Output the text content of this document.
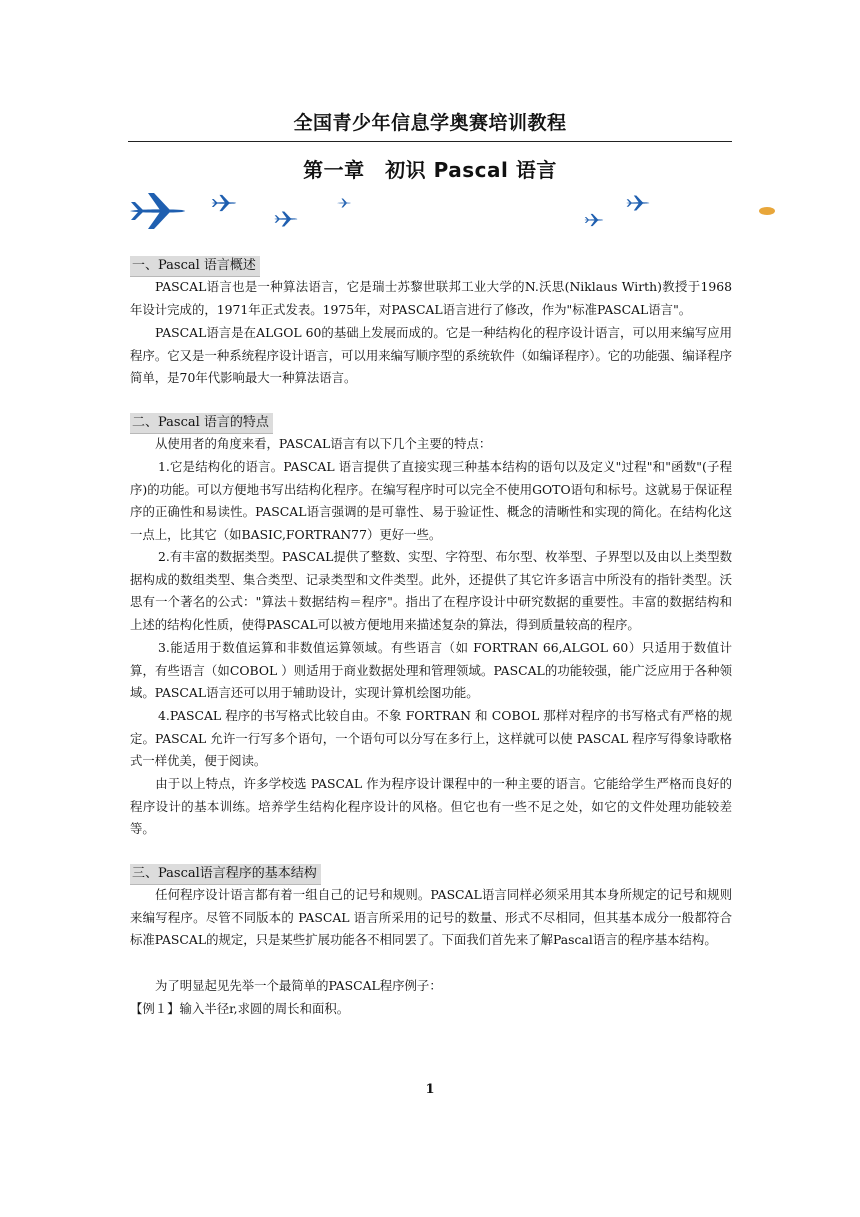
全国青少年信息学奥赛培训教程
第一章　初识 Pascal 语言
一、Pascal 语言概述
PASCAL语言也是一种算法语言，它是瑞士苏黎世联邦工业大学的N.沃思(Niklaus Wirth)教授于1968年设计完成的，1971年正式发表。1975年，对PASCAL语言进行了修改，作为"标准PASCAL语言"。
PASCAL语言是在ALGOL 60的基础上发展而成的。它是一种结构化的程序设计语言，可以用来编写应用程序。它又是一种系统程序设计语言，可以用来编写顺序型的系统软件（如编译程序）。它的功能强、编译程序简单，是70年代影响最大一种算法语言。
二、Pascal 语言的特点
从使用者的角度来看，PASCAL语言有以下几个主要的特点：
1.它是结构化的语言。PASCAL 语言提供了直接实现三种基本结构的语句以及定义"过程"和"函数"(子程序)的功能。可以方便地书写出结构化程序。在编写程序时可以完全不使用GOTO语句和标号。这就易于保证程序的正确性和易读性。PASCAL语言强调的是可靠性、易于验证性、概念的清晰性和实现的简化。在结构化这一点上，比其它（如BASIC,FORTRAN77）更好一些。
2.有丰富的数据类型。PASCAL提供了整数、实型、字符型、布尔型、枚举型、子界型以及由以上类型数据构成的数组类型、集合类型、记录类型和文件类型。此外，还提供了其它许多语言中所没有的指针类型。沃思有一个著名的公式："算法＋数据结构＝程序"。指出了在程序设计中研究数据的重要性。丰富的数据结构和上述的结构化性质，使得PASCAL可以被方便地用来描述复杂的算法，得到质量较高的程序。
3.能适用于数值运算和非数值运算领域。有些语言（如 FORTRAN 66,ALGOL 60）只适用于数值计算，有些语言（如COBOL ）则适用于商业数据处理和管理领域。PASCAL的功能较强，能广泛应用于各种领域。PASCAL语言还可以用于辅助设计，实现计算机绘图功能。
4.PASCAL 程序的书写格式比较自由。不象 FORTRAN 和 COBOL 那样对程序的书写格式有严格的规定。PASCAL 允许一行写多个语句，一个语句可以分写在多行上，这样就可以使 PASCAL 程序写得象诗歌格式一样优美，便于阅读。
由于以上特点，许多学校选 PASCAL 作为程序设计课程中的一种主要的语言。它能给学生严格而良好的程序设计的基本训练。培养学生结构化程序设计的风格。但它也有一些不足之处，如它的文件处理功能较差等。
三、Pascal语言程序的基本结构
任何程序设计语言都有着一组自己的记号和规则。PASCAL语言同样必须采用其本身所规定的记号和规则来编写程序。尽管不同版本的 PASCAL 语言所采用的记号的数量、形式不尽相同，但其基本成分一般都符合标准PASCAL的规定，只是某些扩展功能各不相同罢了。下面我们首先来了解Pascal语言的程序基本结构。
为了明显起见先举一个最简单的PASCAL程序例子：
【例１】输入半径r,求圆的周长和面积。
1
